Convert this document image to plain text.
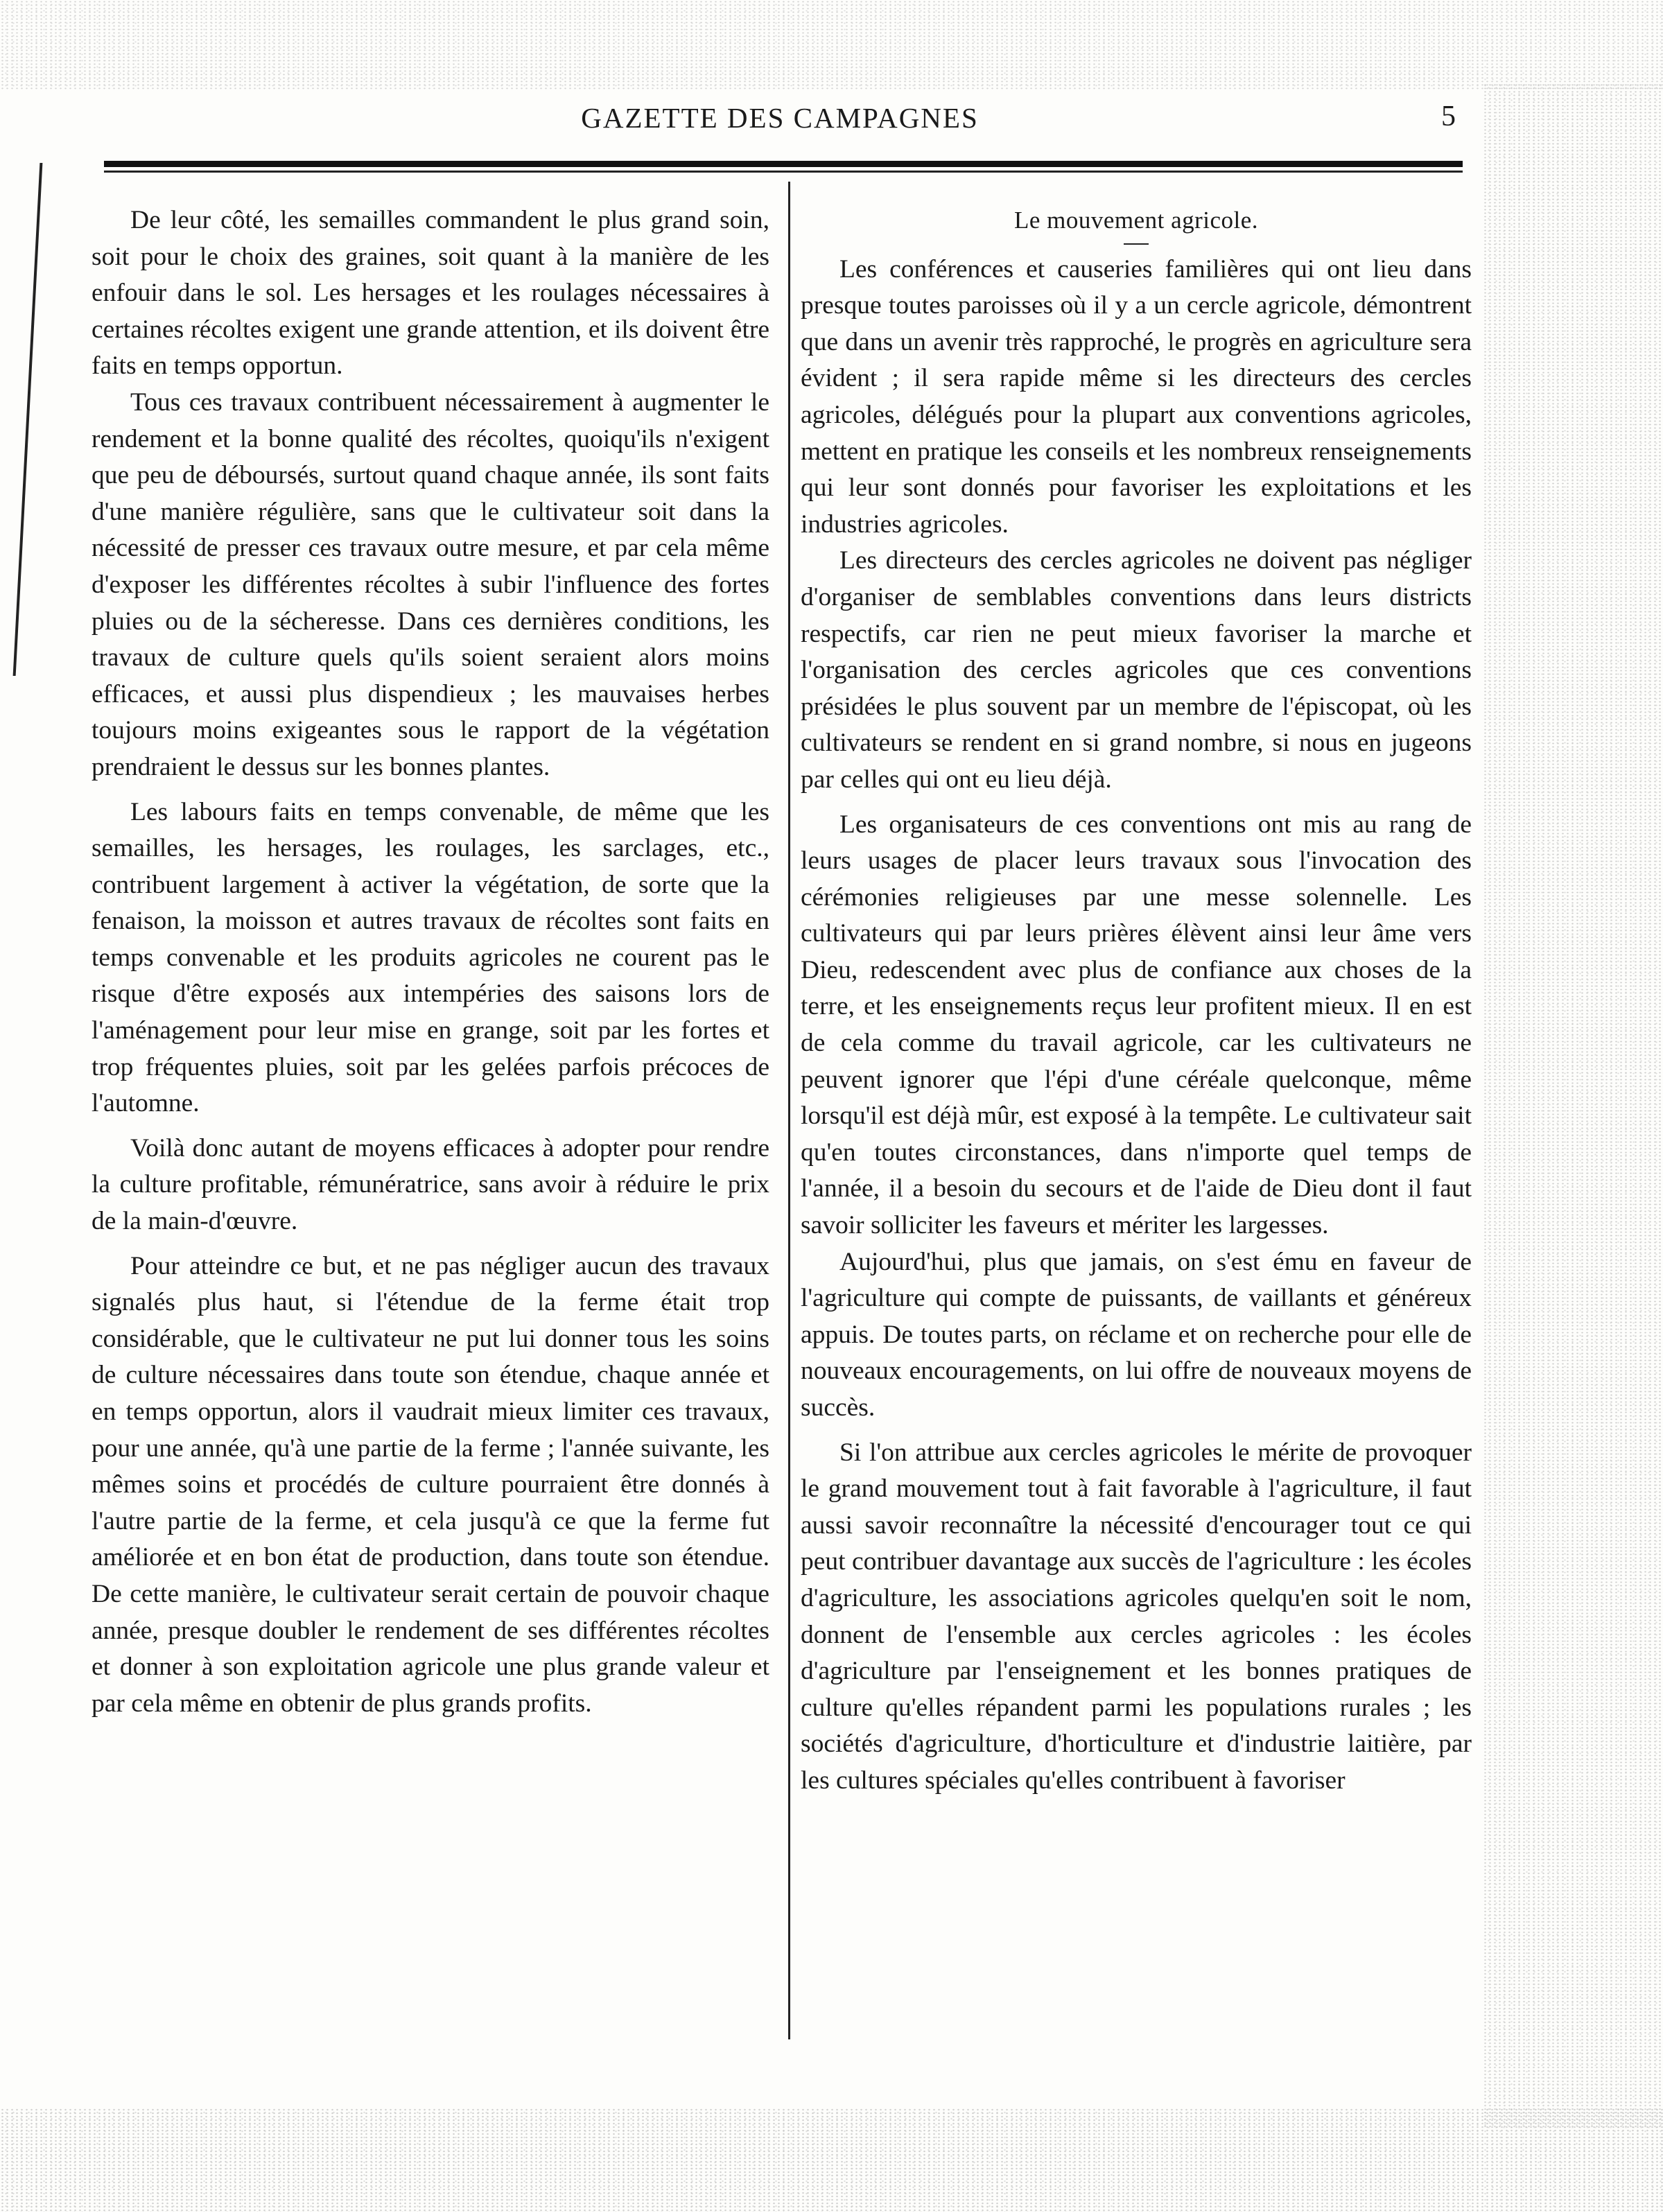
GAZETTE DES CAMPAGNES	5

De leur côté, les semailles commandent le plus grand soin, soit pour le choix des graines, soit quant à la manière de les enfouir dans le sol. Les hersages et les roulages nécessaires à certaines récoltes exigent une grande attention, et ils doivent être faits en temps opportun.

Tous ces travaux contribuent nécessairement à augmenter le rendement et la bonne qualité des récoltes, quoiqu'ils n'exigent que peu de déboursés, surtout quand chaque année, ils sont faits d'une manière régulière, sans que le cultivateur soit dans la nécessité de presser ces travaux outre mesure, et par cela même d'exposer les différentes récoltes à subir l'influence des fortes pluies ou de la sécheresse. Dans ces dernières conditions, les travaux de culture quels qu'ils soient seraient alors moins efficaces, et aussi plus dispendieux ; les mauvaises herbes toujours moins exigeantes sous le rapport de la végétation prendraient le dessus sur les bonnes plantes.

Les labours faits en temps convenable, de même que les semailles, les hersages, les roulages, les sarclages, etc., contribuent largement à activer la végétation, de sorte que la fenaison, la moisson et autres travaux de récoltes sont faits en temps convenable et les produits agricoles ne courent pas le risque d'être exposés aux intempéries des saisons lors de l'aménagement pour leur mise en grange, soit par les fortes et trop fréquentes pluies, soit par les gelées parfois précoces de l'automne.

Voilà donc autant de moyens efficaces à adopter pour rendre la culture profitable, rémunératrice, sans avoir à réduire le prix de la main-d'œuvre.

Pour atteindre ce but, et ne pas négliger aucun des travaux signalés plus haut, si l'étendue de la ferme était trop considérable, que le cultivateur ne put lui donner tous les soins de culture nécessaires dans toute son étendue, chaque année et en temps opportun, alors il vaudrait mieux limiter ces travaux, pour une année, qu'à une partie de la ferme ; l'année suivante, les mêmes soins et procédés de culture pourraient être donnés à l'autre partie de la ferme, et cela jusqu'à ce que la ferme fut améliorée et en bon état de production, dans toute son étendue. De cette manière, le cultivateur serait certain de pouvoir chaque année, presque doubler le rendement de ses différentes récoltes et donner à son exploitation agricole une plus grande valeur et par cela même en obtenir de plus grands profits.

Le mouvement agricole.

Les conférences et causeries familières qui ont lieu dans presque toutes paroisses où il y a un cercle agricole, démontrent que dans un avenir très rapproché, le progrès en agriculture sera évident ; il sera rapide même si les directeurs des cercles agricoles, délégués pour la plupart aux conventions agricoles, mettent en pratique les conseils et les nombreux renseignements qui leur sont donnés pour favoriser les exploitations et les industries agricoles.

Les directeurs des cercles agricoles ne doivent pas négliger d'organiser de semblables conventions dans leurs districts respectifs, car rien ne peut mieux favoriser la marche et l'organisation des cercles agricoles que ces conventions présidées le plus souvent par un membre de l'épiscopat, où les cultivateurs se rendent en si grand nombre, si nous en jugeons par celles qui ont eu lieu déjà.

Les organisateurs de ces conventions ont mis au rang de leurs usages de placer leurs travaux sous l'invocation des cérémonies religieuses par une messe solennelle. Les cultivateurs qui par leurs prières élèvent ainsi leur âme vers Dieu, redescendent avec plus de confiance aux choses de la terre, et les enseignements reçus leur profitent mieux. Il en est de cela comme du travail agricole, car les cultivateurs ne peuvent ignorer que l'épi d'une céréale quelconque, même lorsqu'il est déjà mûr, est exposé à la tempête. Le cultivateur sait qu'en toutes circonstances, dans n'importe quel temps de l'année, il a besoin du secours et de l'aide de Dieu dont il faut savoir solliciter les faveurs et mériter les largesses.

Aujourd'hui, plus que jamais, on s'est ému en faveur de l'agriculture qui compte de puissants, de vaillants et généreux appuis. De toutes parts, on réclame et on recherche pour elle de nouveaux encouragements, on lui offre de nouveaux moyens de succès.

Si l'on attribue aux cercles agricoles le mérite de provoquer le grand mouvement tout à fait favorable à l'agriculture, il faut aussi savoir reconnaître la nécessité d'encourager tout ce qui peut contribuer davantage aux succès de l'agriculture : les écoles d'agriculture, les associations agricoles quelqu'en soit le nom, donnent de l'ensemble aux cercles agricoles : les écoles d'agriculture par l'enseignement et les bonnes pratiques de culture qu'elles répandent parmi les populations rurales ; les sociétés d'agriculture, d'horticulture et d'industrie laitière, par les cultures spéciales qu'elles contribuent à favoriser
